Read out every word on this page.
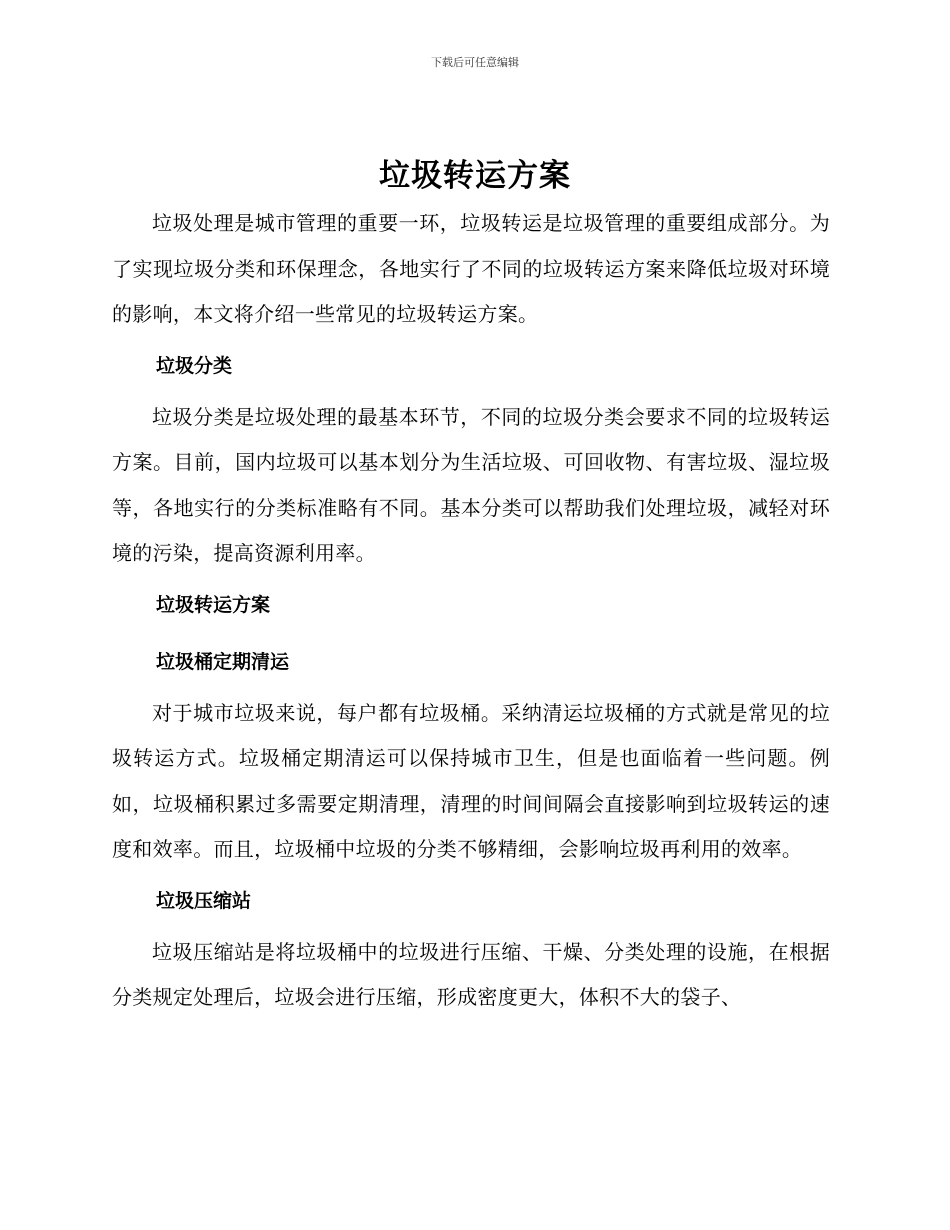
下载后可任意编辑
垃圾转运方案

垃圾处理是城市管理的重要一环，垃圾转运是垃圾管理的重要组成部分。为了实现垃圾分类和环保理念，各地实行了不同的垃圾转运方案来降低垃圾对环境的影响，本文将介绍一些常见的垃圾转运方案。

垃圾分类

垃圾分类是垃圾处理的最基本环节，不同的垃圾分类会要求不同的垃圾转运方案。目前，国内垃圾可以基本划分为生活垃圾、可回收物、有害垃圾、湿垃圾等，各地实行的分类标准略有不同。基本分类可以帮助我们处理垃圾，减轻对环境的污染，提高资源利用率。

垃圾转运方案
垃圾桶定期清运

对于城市垃圾来说，每户都有垃圾桶。采纳清运垃圾桶的方式就是常见的垃圾转运方式。垃圾桶定期清运可以保持城市卫生，但是也面临着一些问题。例如，垃圾桶积累过多需要定期清理，清理的时间间隔会直接影响到垃圾转运的速度和效率。而且，垃圾桶中垃圾的分类不够精细，会影响垃圾再利用的效率。

垃圾压缩站

垃圾压缩站是将垃圾桶中的垃圾进行压缩、干燥、分类处理的设施，在根据分类规定处理后，垃圾会进行压缩，形成密度更大，体积不大的袋子、
